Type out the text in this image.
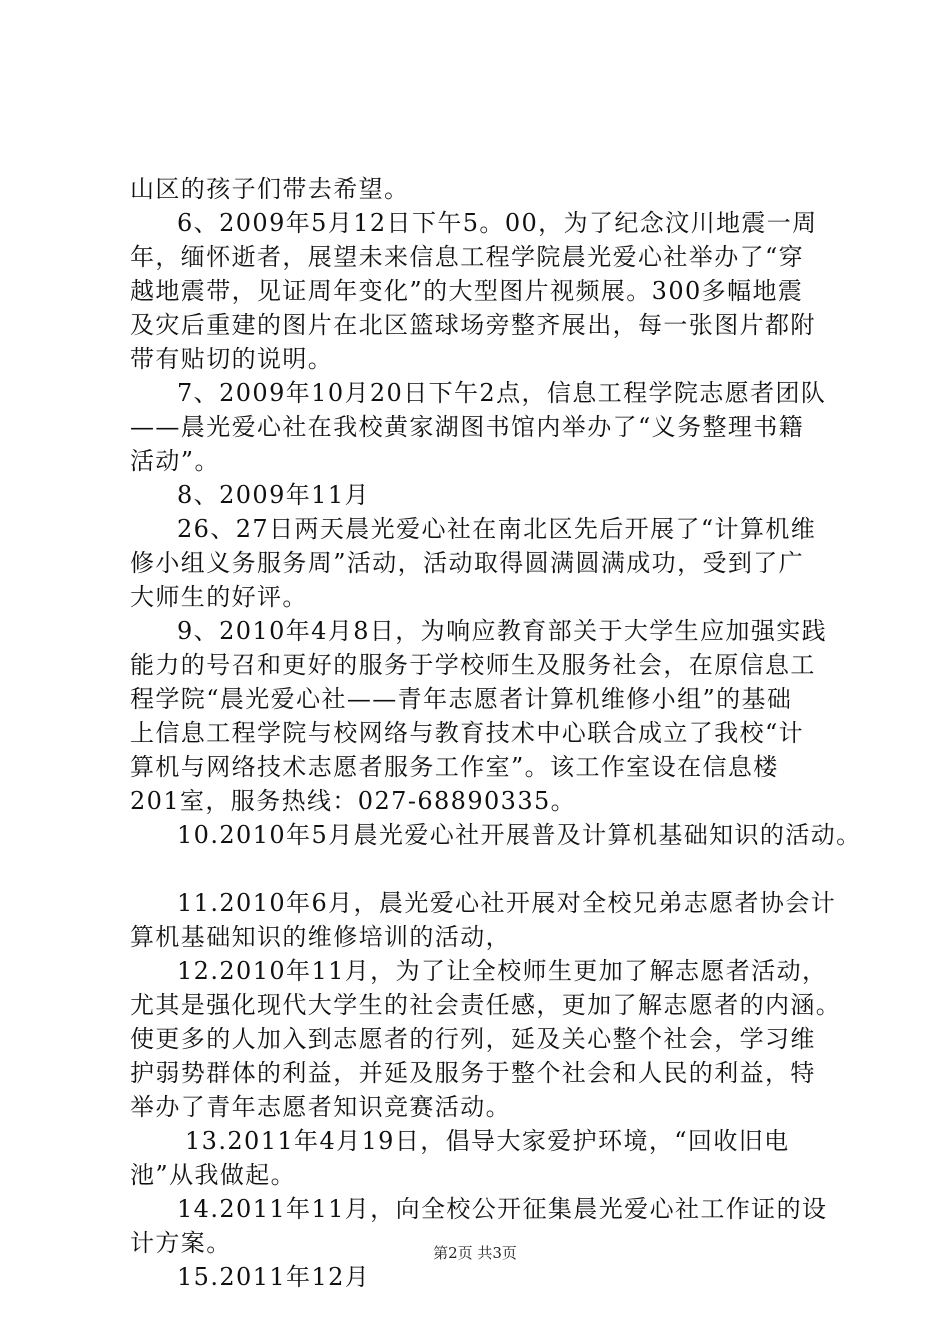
山区的孩子们带去希望。
6、2009年5月12日下午5。00，为了纪念汶川地震一周
年，缅怀逝者，展望未来信息工程学院晨光爱心社举办了“穿
越地震带，见证周年变化”的大型图片视频展。300多幅地震
及灾后重建的图片在北区篮球场旁整齐展出，每一张图片都附
带有贴切的说明。
7、2009年10月20日下午2点，信息工程学院志愿者团队
——晨光爱心社在我校黄家湖图书馆内举办了“义务整理书籍
活动”。
8、2009年11月
26、27日两天晨光爱心社在南北区先后开展了“计算机维
修小组义务服务周”活动，活动取得圆满圆满成功，受到了广
大师生的好评。
9、2010年4月8日，为响应教育部关于大学生应加强实践
能力的号召和更好的服务于学校师生及服务社会，在原信息工
程学院“晨光爱心社——青年志愿者计算机维修小组”的基础
上信息工程学院与校网络与教育技术中心联合成立了我校“计
算机与网络技术志愿者服务工作室”。该工作室设在信息楼
201室，服务热线：027-68890335。
10.2010年5月晨光爱心社开展普及计算机基础知识的活动。
11.2010年6月，晨光爱心社开展对全校兄弟志愿者协会计
算机基础知识的维修培训的活动，
12.2010年11月，为了让全校师生更加了解志愿者活动，
尤其是强化现代大学生的社会责任感，更加了解志愿者的内涵。
使更多的人加入到志愿者的行列，延及关心整个社会，学习维
护弱势群体的利益，并延及服务于整个社会和人民的利益，特
举办了青年志愿者知识竞赛活动。
13.2011年4月19日，倡导大家爱护环境，“回收旧电
池”从我做起。
14.2011年11月，向全校公开征集晨光爱心社工作证的设
计方案。
15.2011年12月
第2页 共3页
